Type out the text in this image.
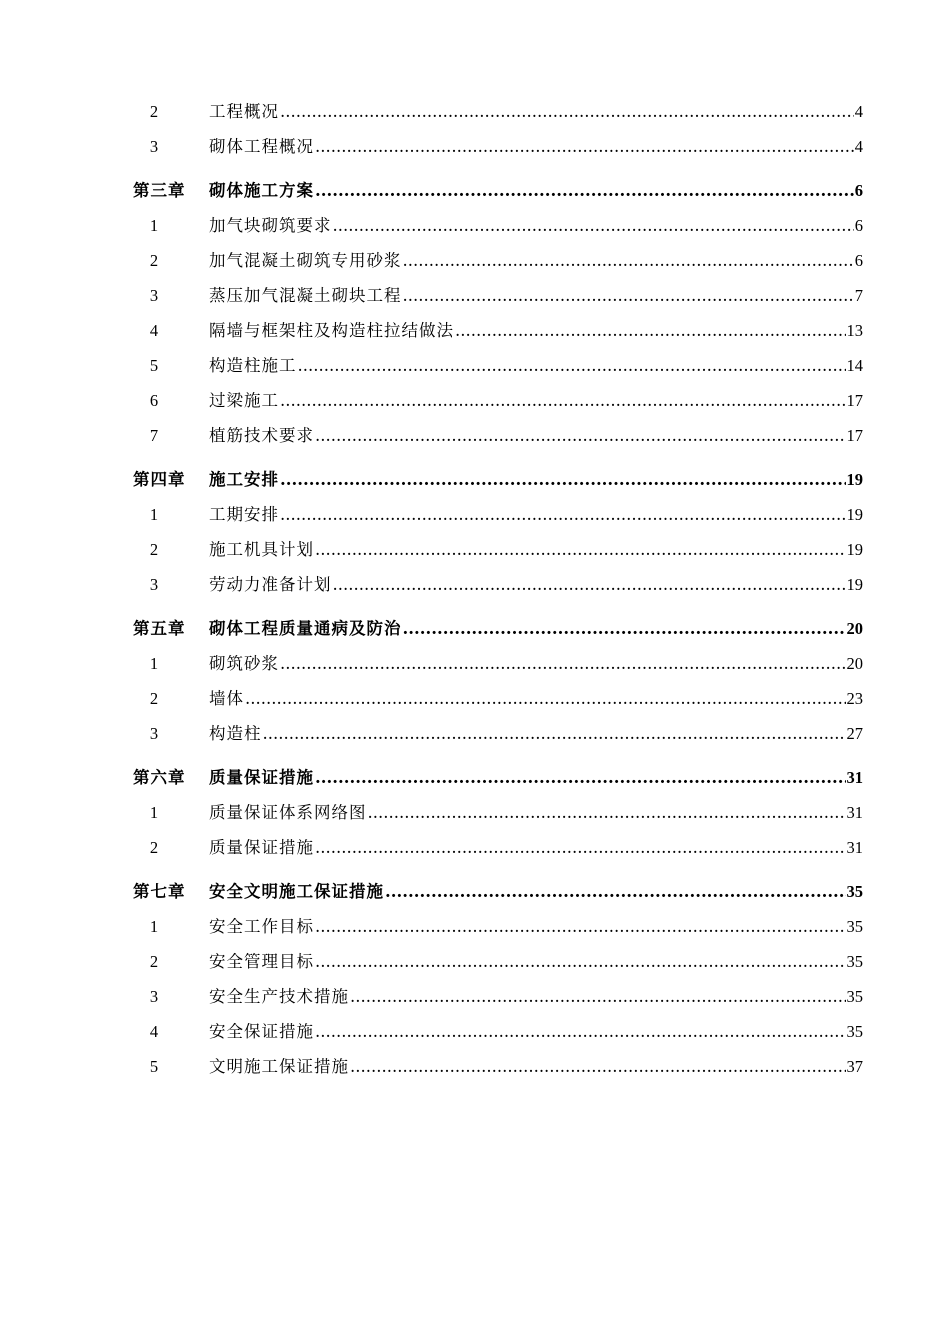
2	工程概况 .....	4
3	砌体工程概况 .....	4
第三章	砌体施工方案 .....	6
1	加气块砌筑要求 .....	6
2	加气混凝土砌筑专用砂浆 .....	6
3	蒸压加气混凝土砌块工程 .....	7
4	隔墙与框架柱及构造柱拉结做法 .....	13
5	构造柱施工 .....	14
6	过梁施工 .....	17
7	植筋技术要求 .....	17
第四章	施工安排 .....	19
1	工期安排 .....	19
2	施工机具计划 .....	19
3	劳动力准备计划 .....	19
第五章	砌体工程质量通病及防治 .....	20
1	砌筑砂浆 .....	20
2	墙体 .....	23
3	构造柱 .....	27
第六章	质量保证措施 .....	31
1	质量保证体系网络图 .....	31
2	质量保证措施 .....	31
第七章	安全文明施工保证措施 .....	35
1	安全工作目标 .....	35
2	安全管理目标 .....	35
3	安全生产技术措施 .....	35
4	安全保证措施 .....	35
5	文明施工保证措施 .....	37
